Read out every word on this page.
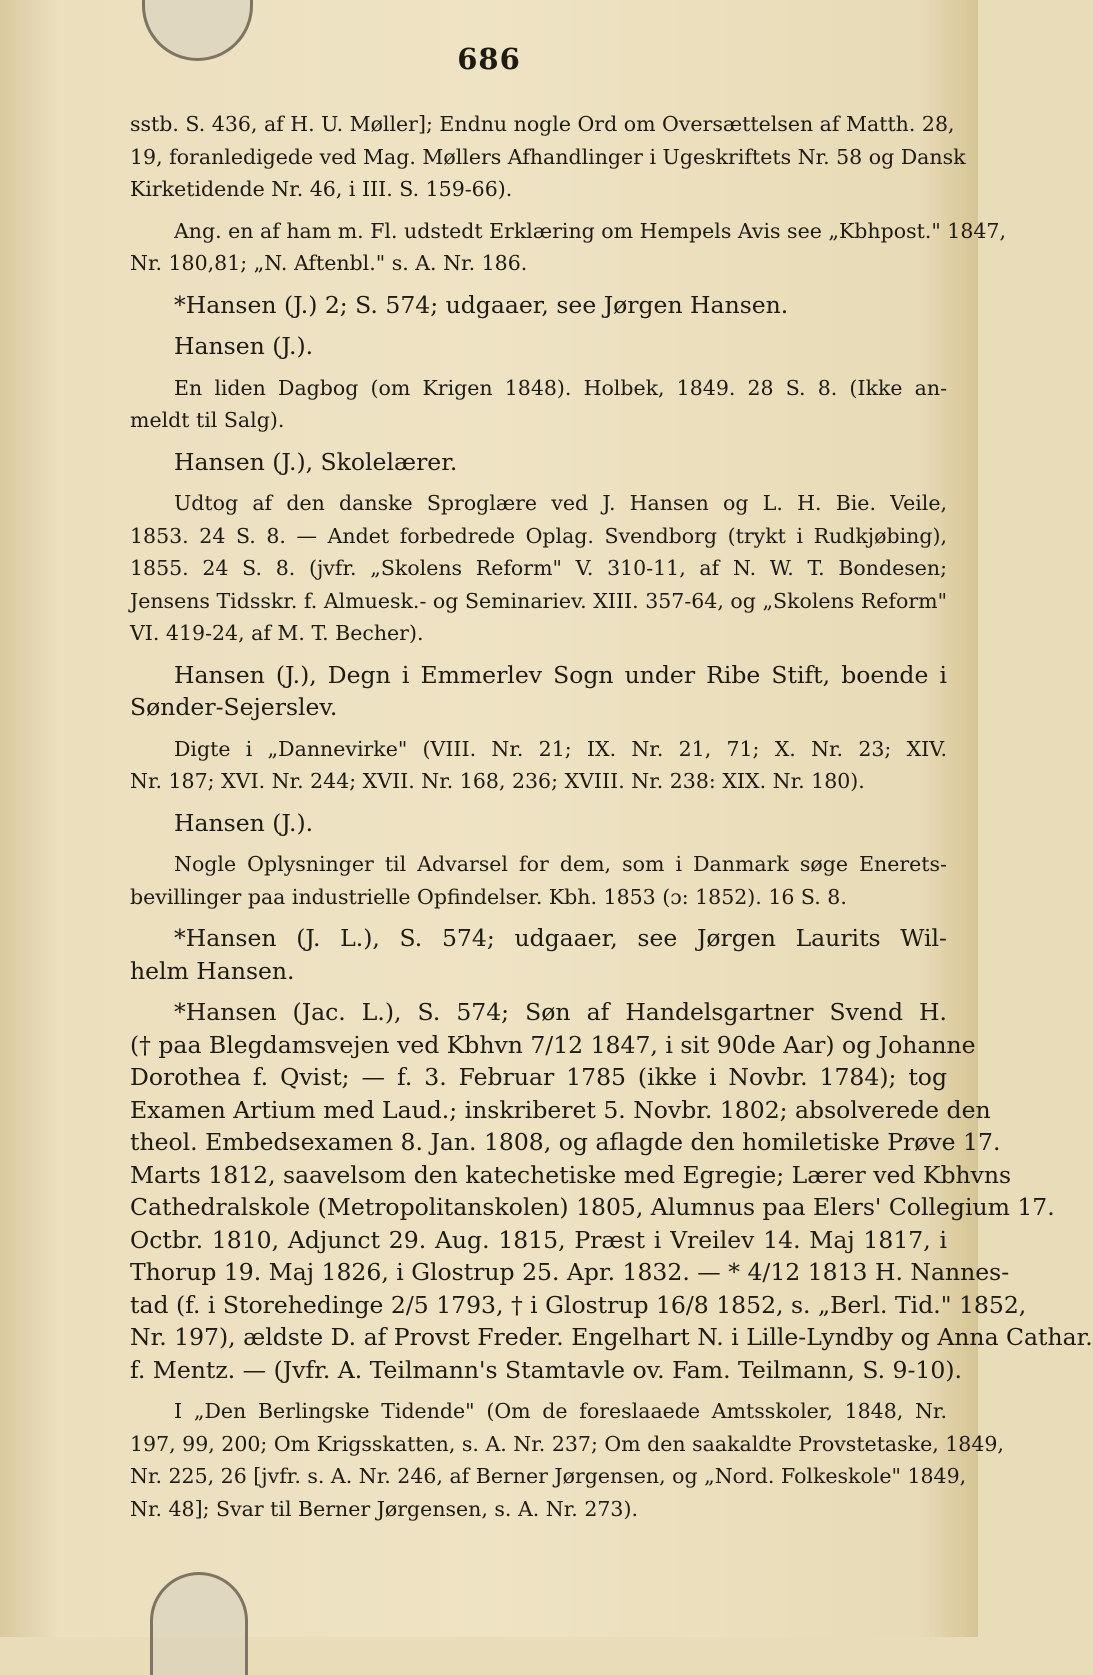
686
sstb. S. 436, af H. U. Møller]; Endnu nogle Ord om Oversættelsen af Matth. 28,
19, foranledigede ved Mag. Møllers Afhandlinger i Ugeskriftets Nr. 58 og Dansk
Kirketidende Nr. 46, i III. S. 159-66).
Ang. en af ham m. Fl. udstedt Erklæring om Hempels Avis see „Kbhpost." 1847,
Nr. 180,81; „N. Aftenbl." s. A. Nr. 186.
*Hansen (J.) 2; S. 574; udgaaer, see Jørgen Hansen.
Hansen (J.).
En liden Dagbog (om Krigen 1848). Holbek, 1849. 28 S. 8. (Ikke an-
meldt til Salg).
Hansen (J.), Skolelærer.
Udtog af den danske Sproglære ved J. Hansen og L. H. Bie. Veile,
1853. 24 S. 8. — Andet forbedrede Oplag. Svendborg (trykt i Rudkjøbing),
1855. 24 S. 8. (jvfr. „Skolens Reform" V. 310-11, af N. W. T. Bondesen;
Jensens Tidsskr. f. Almuesk.- og Seminariev. XIII. 357-64, og „Skolens Reform"
VI. 419-24, af M. T. Becher).
Hansen (J.), Degn i Emmerlev Sogn under Ribe Stift, boende i
Sønder-Sejerslev.
Digte i „Dannevirke" (VIII. Nr. 21; IX. Nr. 21, 71; X. Nr. 23; XIV.
Nr. 187; XVI. Nr. 244; XVII. Nr. 168, 236; XVIII. Nr. 238: XIX. Nr. 180).
Hansen (J.).
Nogle Oplysninger til Advarsel for dem, som i Danmark søge Enerets-
bevillinger paa industrielle Opfindelser. Kbh. 1853 (ɔ: 1852). 16 S. 8.
*Hansen (J. L.), S. 574; udgaaer, see Jørgen Laurits Wil-
helm Hansen.
*Hansen (Jac. L.), S. 574; Søn af Handelsgartner Svend H.
(† paa Blegdamsvejen ved Kbhvn 7/12 1847, i sit 90de Aar) og Johanne
Dorothea f. Qvist; — f. 3. Februar 1785 (ikke i Novbr. 1784); tog
Examen Artium med Laud.; inskriberet 5. Novbr. 1802; absolverede den
theol. Embedsexamen 8. Jan. 1808, og aflagde den homiletiske Prøve 17.
Marts 1812, saavelsom den katechetiske med Egregie; Lærer ved Kbhvns
Cathedralskole (Metropolitanskolen) 1805, Alumnus paa Elers' Collegium 17.
Octbr. 1810, Adjunct 29. Aug. 1815, Præst i Vreilev 14. Maj 1817, i
Thorup 19. Maj 1826, i Glostrup 25. Apr. 1832. — * 4/12 1813 H. Nannes-
tad (f. i Storehedinge 2/5 1793, † i Glostrup 16/8 1852, s. „Berl. Tid." 1852,
Nr. 197), ældste D. af Provst Freder. Engelhart N. i Lille-Lyndby og Anna Cathar.
f. Mentz. — (Jvfr. A. Teilmann's Stamtavle ov. Fam. Teilmann, S. 9-10).
I „Den Berlingske Tidende" (Om de foreslaaede Amtsskoler, 1848, Nr.
197, 99, 200; Om Krigsskatten, s. A. Nr. 237; Om den saakaldte Provstetaske, 1849,
Nr. 225, 26 [jvfr. s. A. Nr. 246, af Berner Jørgensen, og „Nord. Folkeskole" 1849,
Nr. 48]; Svar til Berner Jørgensen, s. A. Nr. 273).
